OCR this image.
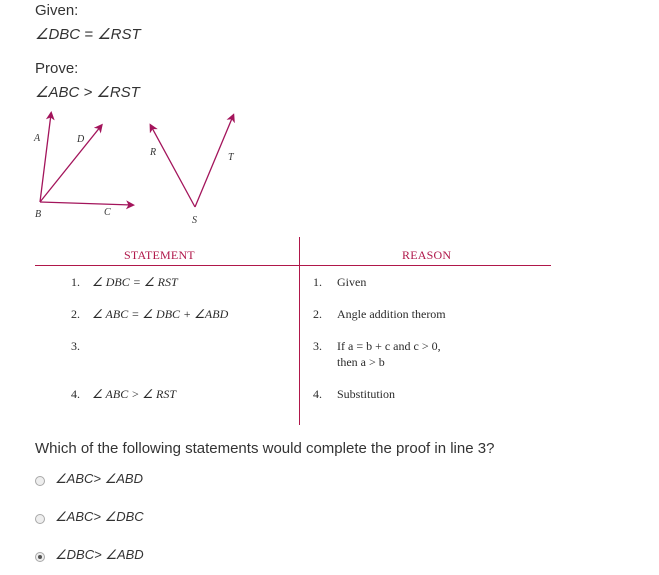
Given:
∠DBC = ∠RST
Prove:
∠ABC > ∠RST
A	D
B	C
R	T
S
STATEMENT	REASON
1. ∠ DBC = ∠ RST	1. Given
2. ∠ ABC = ∠ DBC + ∠ABD	2. Angle addition therom
3.	3. If a = b + c and c > 0,
then a > b
4. ∠ ABC > ∠ RST	4. Substitution
Which of the following statements would complete the proof in line 3?
∠ABC> ∠ABD
∠ABC> ∠DBC
∠DBC> ∠ABD
